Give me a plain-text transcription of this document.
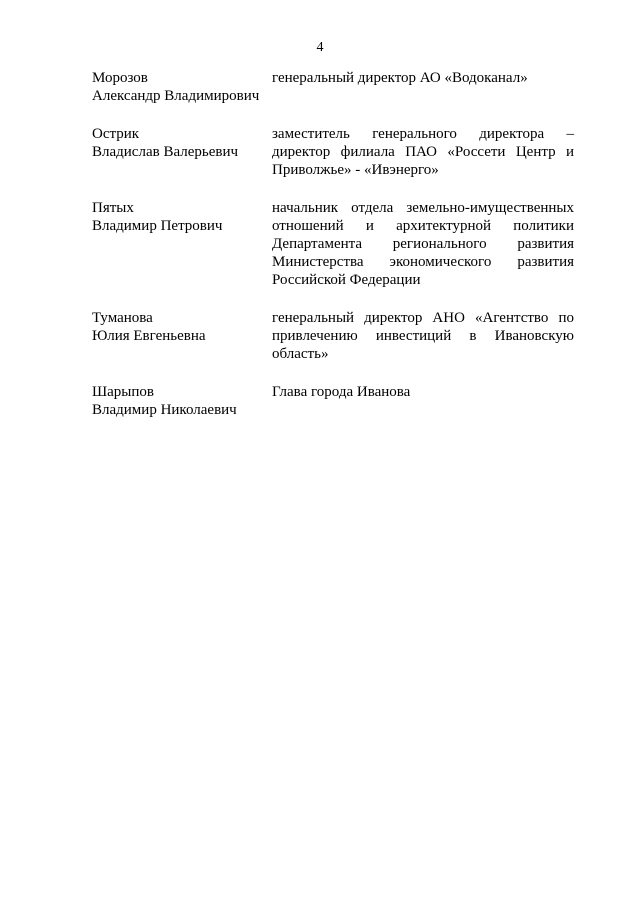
4
Морозов
Александр Владимирович
генеральный директор АО «Водоканал»
Острик
Владислав Валерьевич
заместитель генерального директора – директор филиала ПАО «Россети Центр и Приволжье» - «Ивэнерго»
Пятых
Владимир Петрович
начальник отдела земельно-имущественных отношений и архитектурной политики Департамента регионального развития Министерства экономического развития Российской Федерации
Туманова
Юлия Евгеньевна
генеральный директор АНО «Агентство по привлечению инвестиций в Ивановскую область»
Шарыпов
Владимир Николаевич
Глава города Иванова
